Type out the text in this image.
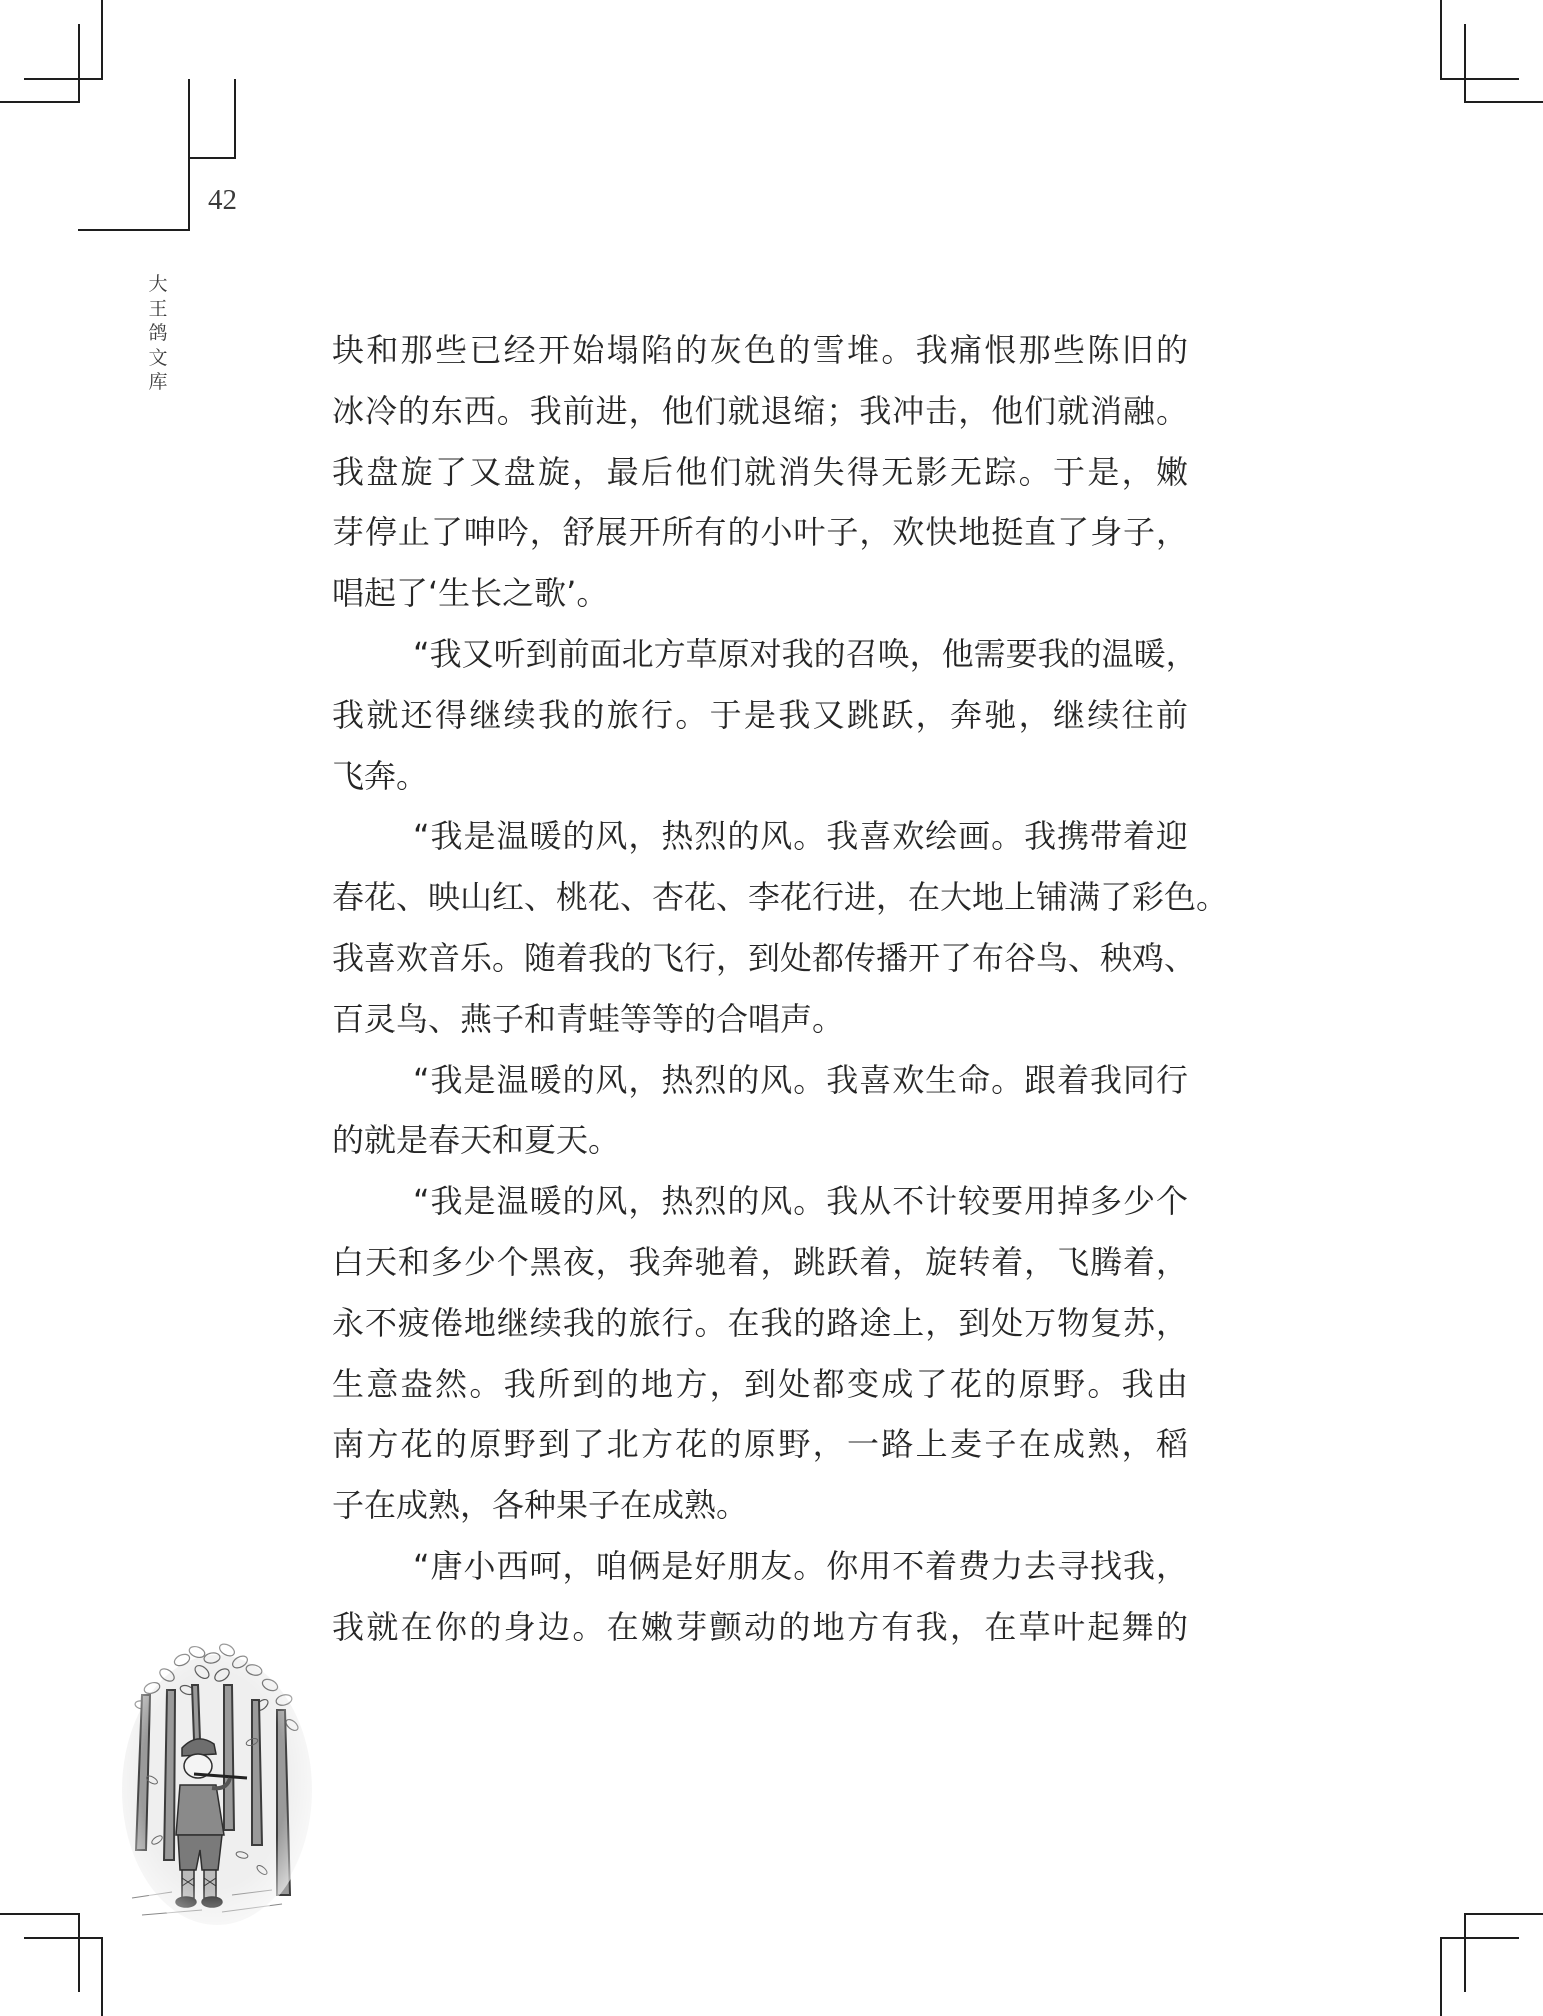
42
大
王
鸽
文
库
块和那些已经开始塌陷的灰色的雪堆。我痛恨那些陈旧的
冰冷的东西。我前进，他们就退缩；我冲击，他们就消融。
我盘旋了又盘旋，最后他们就消失得无影无踪。于是，嫩
芽停止了呻吟，舒展开所有的小叶子，欢快地挺直了身子，
唱起了‘生长之歌’。
“我又听到前面北方草原对我的召唤，他需要我的温暖，
我就还得继续我的旅行。于是我又跳跃，奔驰，继续往前
飞奔。
“我是温暖的风，热烈的风。我喜欢绘画。我携带着迎
春花、映山红、桃花、杏花、李花行进，在大地上铺满了彩色。
我喜欢音乐。随着我的飞行，到处都传播开了布谷鸟、秧鸡、
百灵鸟、燕子和青蛙等等的合唱声。
“我是温暖的风，热烈的风。我喜欢生命。跟着我同行
的就是春天和夏天。
“我是温暖的风，热烈的风。我从不计较要用掉多少个
白天和多少个黑夜，我奔驰着，跳跃着，旋转着，飞腾着，
永不疲倦地继续我的旅行。在我的路途上，到处万物复苏，
生意盎然。我所到的地方，到处都变成了花的原野。我由
南方花的原野到了北方花的原野，一路上麦子在成熟，稻
子在成熟，各种果子在成熟。
“唐小西呵，咱俩是好朋友。你用不着费力去寻找我，
我就在你的身边。在嫩芽颤动的地方有我，在草叶起舞的
